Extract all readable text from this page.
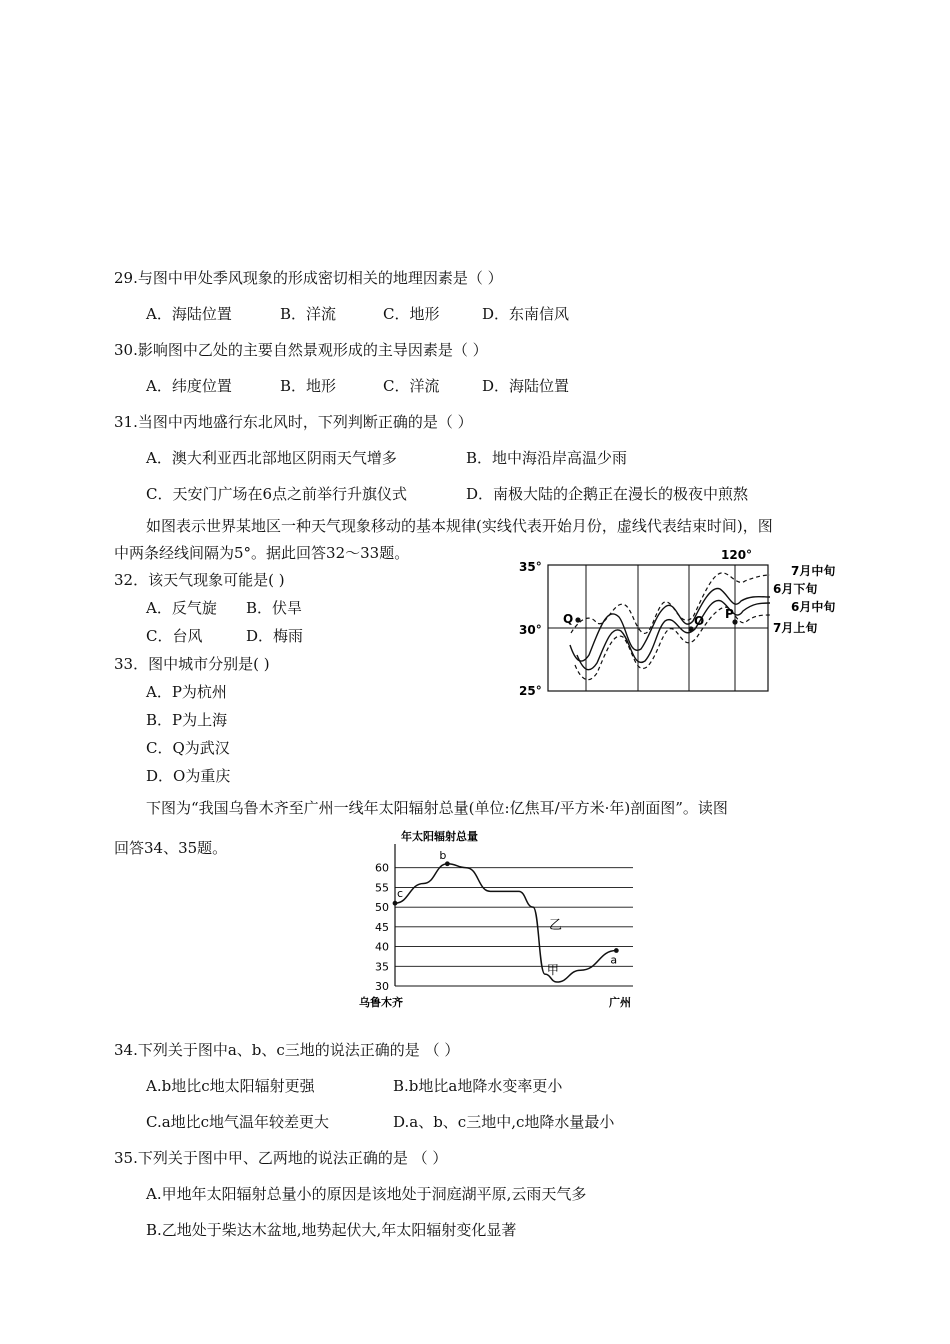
29.与图中甲处季风现象的形成密切相关的地理因素是（ ）
A．海陆位置	B．洋流	C．地形	D．东南信风
30.影响图中乙处的主要自然景观形成的主导因素是（ ）
A．纬度位置	B．地形	C．洋流	D．海陆位置
31.当图中丙地盛行东北风时，下列判断正确的是（ ）
A．澳大利亚西北部地区阴雨天气增多	B．地中海沿岸高温少雨
C．天安门广场在6点之前举行升旗仪式	D．南极大陆的企鹅正在漫长的极夜中煎熬
如图表示世界某地区一种天气现象移动的基本规律(实线代表开始月份，虚线代表结束时间)，图
中两条经线间隔为5°。据此回答32～33题。
32．该天气现象可能是( )
A．反气旋 B．伏旱
C．台风	D．梅雨
33．图中城市分别是( )
A．P为杭州
B．P为上海
C．Q为武汉
D．O为重庆
35°
30°
25°
120°
Q	O P
7月中旬
6月下旬
6月中旬
7月上旬
下图为“我国乌鲁木齐至广州一线年太阳辐射总量(单位:亿焦耳/平方米·年)剖面图”。读图
回答34、35题。
年太阳辐射总量
30
35
40
45
50
55
60
c
b
a
甲
乙
乌鲁木齐	广州
34.下列关于图中a、b、c三地的说法正确的是 （ ）
A.b地比c地太阳辐射更强	B.b地比a地降水变率更小
C.a地比c地气温年较差更大	D.a、b、c三地中,c地降水量最小
35.下列关于图中甲、乙两地的说法正确的是 （ ）
A.甲地年太阳辐射总量小的原因是该地处于洞庭湖平原,云雨天气多
B.乙地处于柴达木盆地,地势起伏大,年太阳辐射变化显著
